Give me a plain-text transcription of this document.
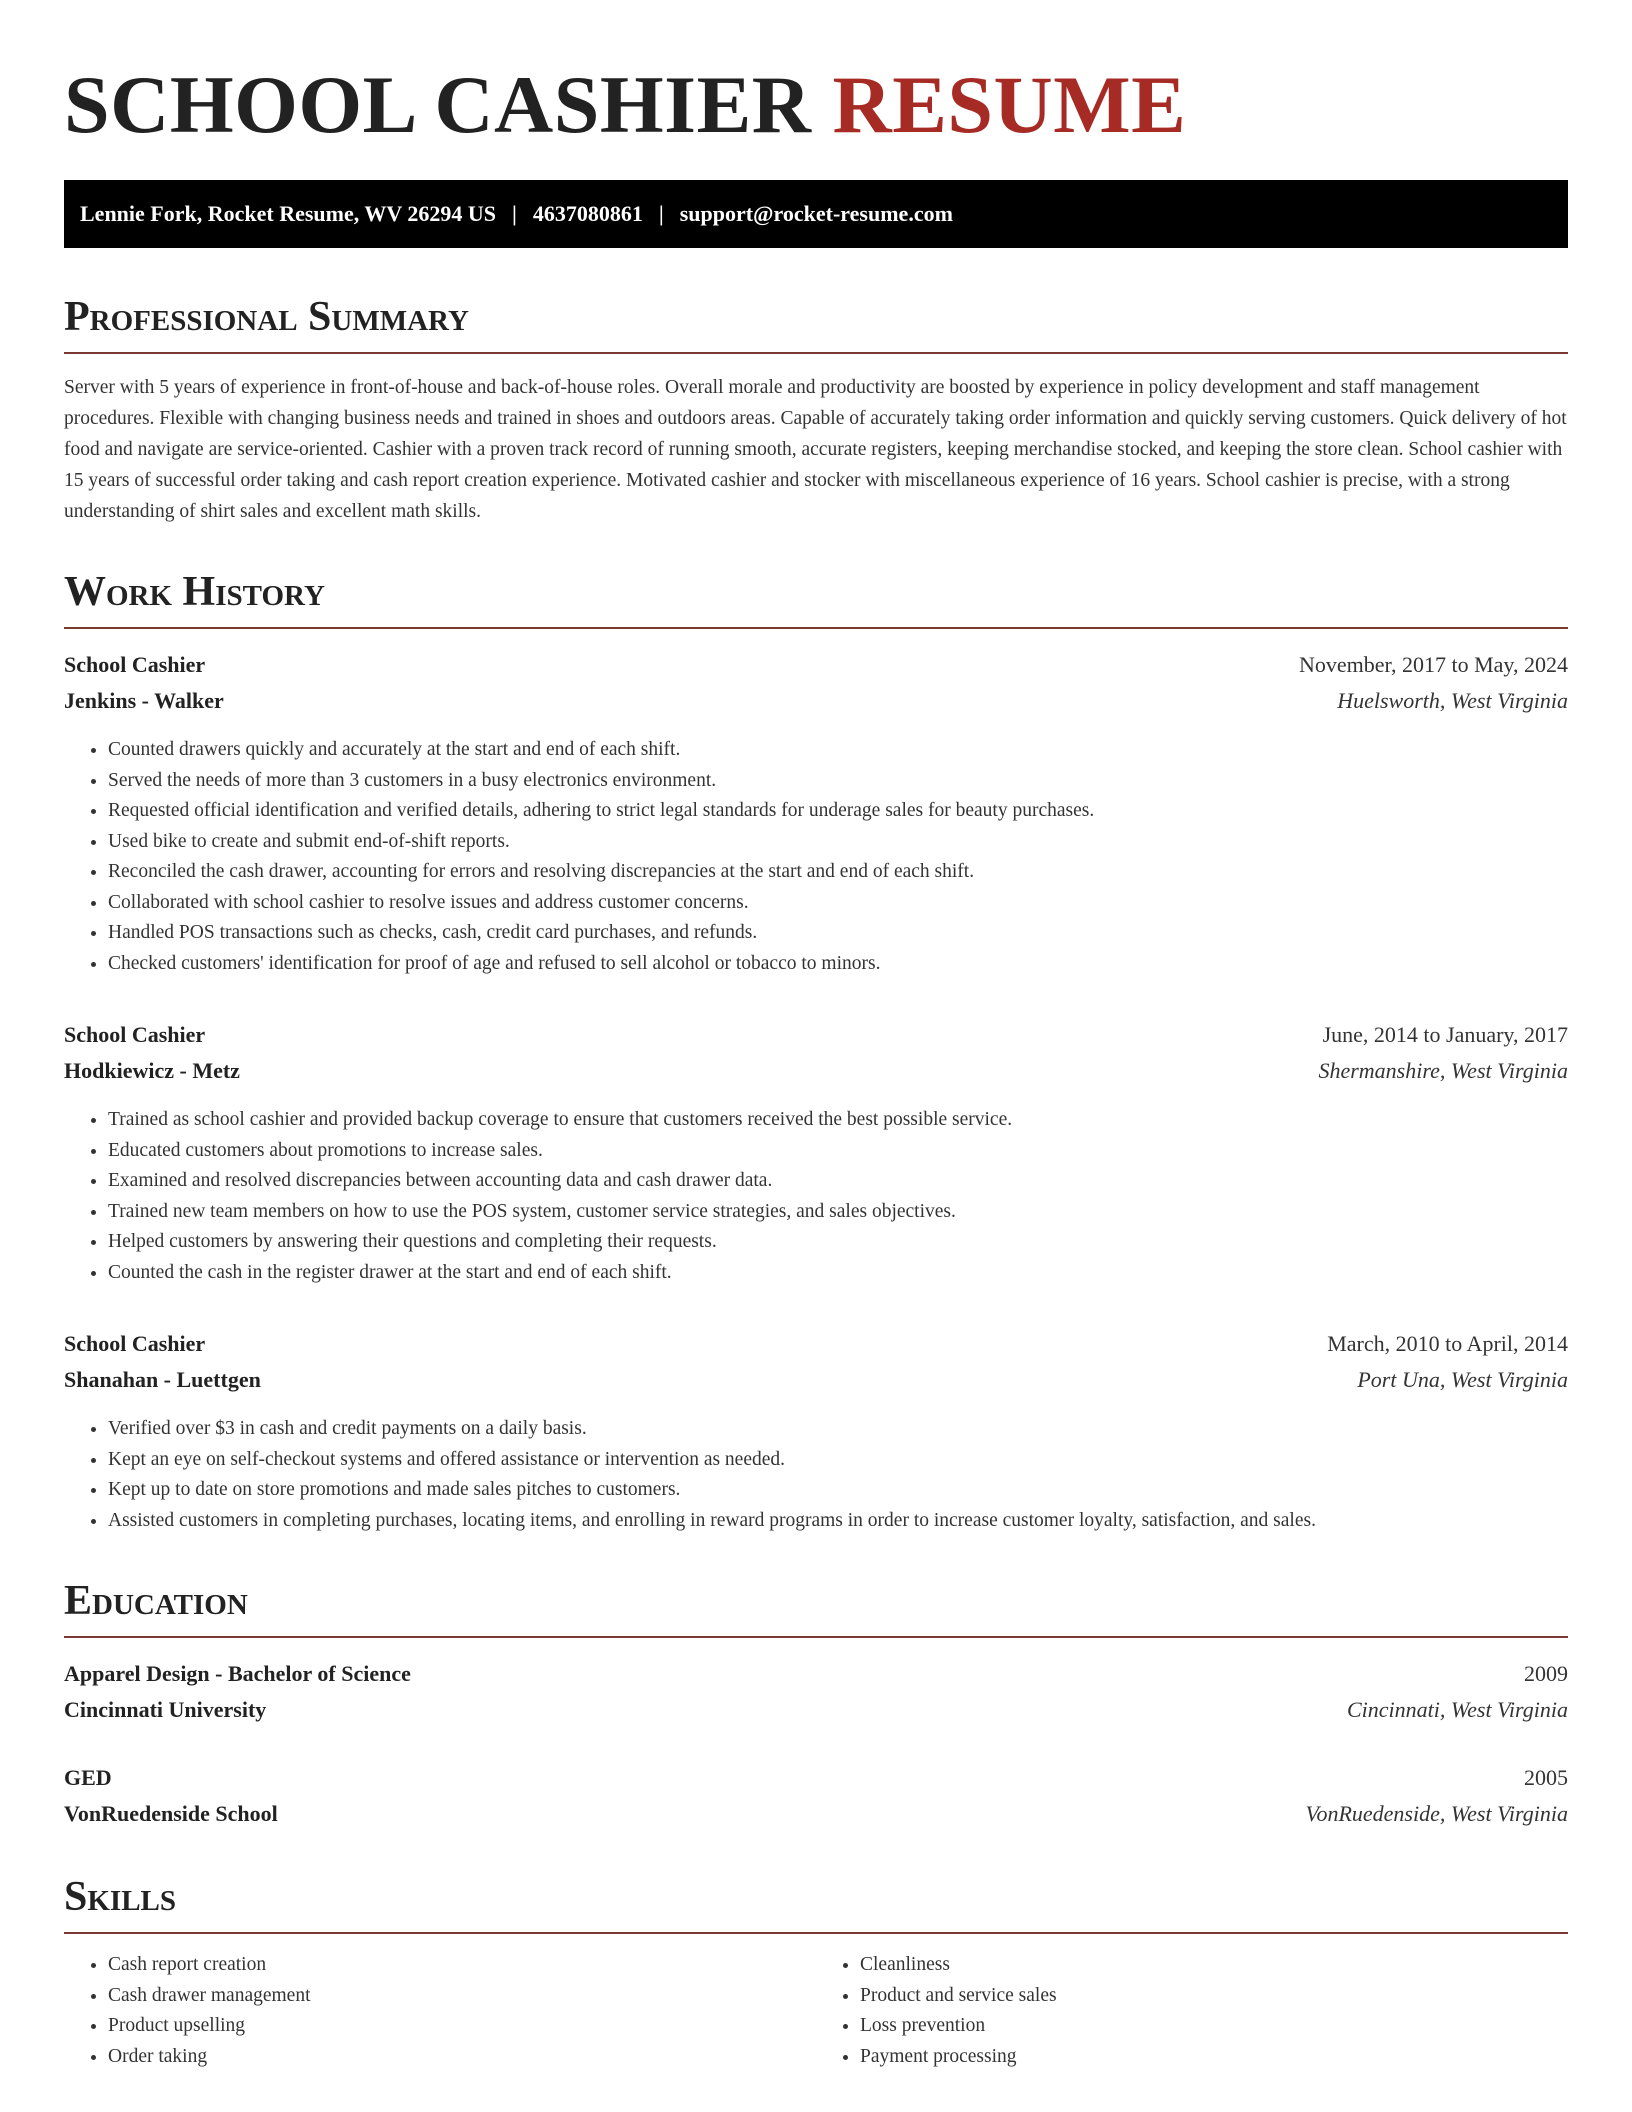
SCHOOL CASHIER RESUME
Lennie Fork, Rocket Resume, WV 26294 US | 4637080861 | support@rocket-resume.com
Professional Summary

Server with 5 years of experience in front-of-house and back-of-house roles. Overall morale and productivity are boosted by experience in policy development and staff management procedures. Flexible with changing business needs and trained in shoes and outdoors areas. Capable of accurately taking order information and quickly serving customers. Quick delivery of hot food and navigate are service-oriented. Cashier with a proven track record of running smooth, accurate registers, keeping merchandise stocked, and keeping the store clean. School cashier with 15 years of successful order taking and cash report creation experience. Motivated cashier and stocker with miscellaneous experience of 16 years. School cashier is precise, with a strong understanding of shirt sales and excellent math skills.

Work History
School Cashier	November, 2017 to May, 2024
Jenkins - Walker	Huelsworth, West Virginia
• Counted drawers quickly and accurately at the start and end of each shift.
• Served the needs of more than 3 customers in a busy electronics environment.
• Requested official identification and verified details, adhering to strict legal standards for underage sales for beauty purchases.
• Used bike to create and submit end-of-shift reports.
• Reconciled the cash drawer, accounting for errors and resolving discrepancies at the start and end of each shift.
• Collaborated with school cashier to resolve issues and address customer concerns.
• Handled POS transactions such as checks, cash, credit card purchases, and refunds.
• Checked customers' identification for proof of age and refused to sell alcohol or tobacco to minors.
School Cashier	June, 2014 to January, 2017
Hodkiewicz - Metz	Shermanshire, West Virginia
• Trained as school cashier and provided backup coverage to ensure that customers received the best possible service.
• Educated customers about promotions to increase sales.
• Examined and resolved discrepancies between accounting data and cash drawer data.
• Trained new team members on how to use the POS system, customer service strategies, and sales objectives.
• Helped customers by answering their questions and completing their requests.
• Counted the cash in the register drawer at the start and end of each shift.
School Cashier	March, 2010 to April, 2014
Shanahan - Luettgen	Port Una, West Virginia
• Verified over $3 in cash and credit payments on a daily basis.
• Kept an eye on self-checkout systems and offered assistance or intervention as needed.
• Kept up to date on store promotions and made sales pitches to customers.
• Assisted customers in completing purchases, locating items, and enrolling in reward programs in order to increase customer loyalty, satisfaction, and sales.
Education
Apparel Design - Bachelor of Science	2009
Cincinnati University	Cincinnati, West Virginia
GED	2005
VonRuedenside School	VonRuedenside, West Virginia
Skills
• Cash report creation
• Cash drawer management
• Product upselling
• Order taking
• Cleanliness
• Product and service sales
• Loss prevention
• Payment processing
